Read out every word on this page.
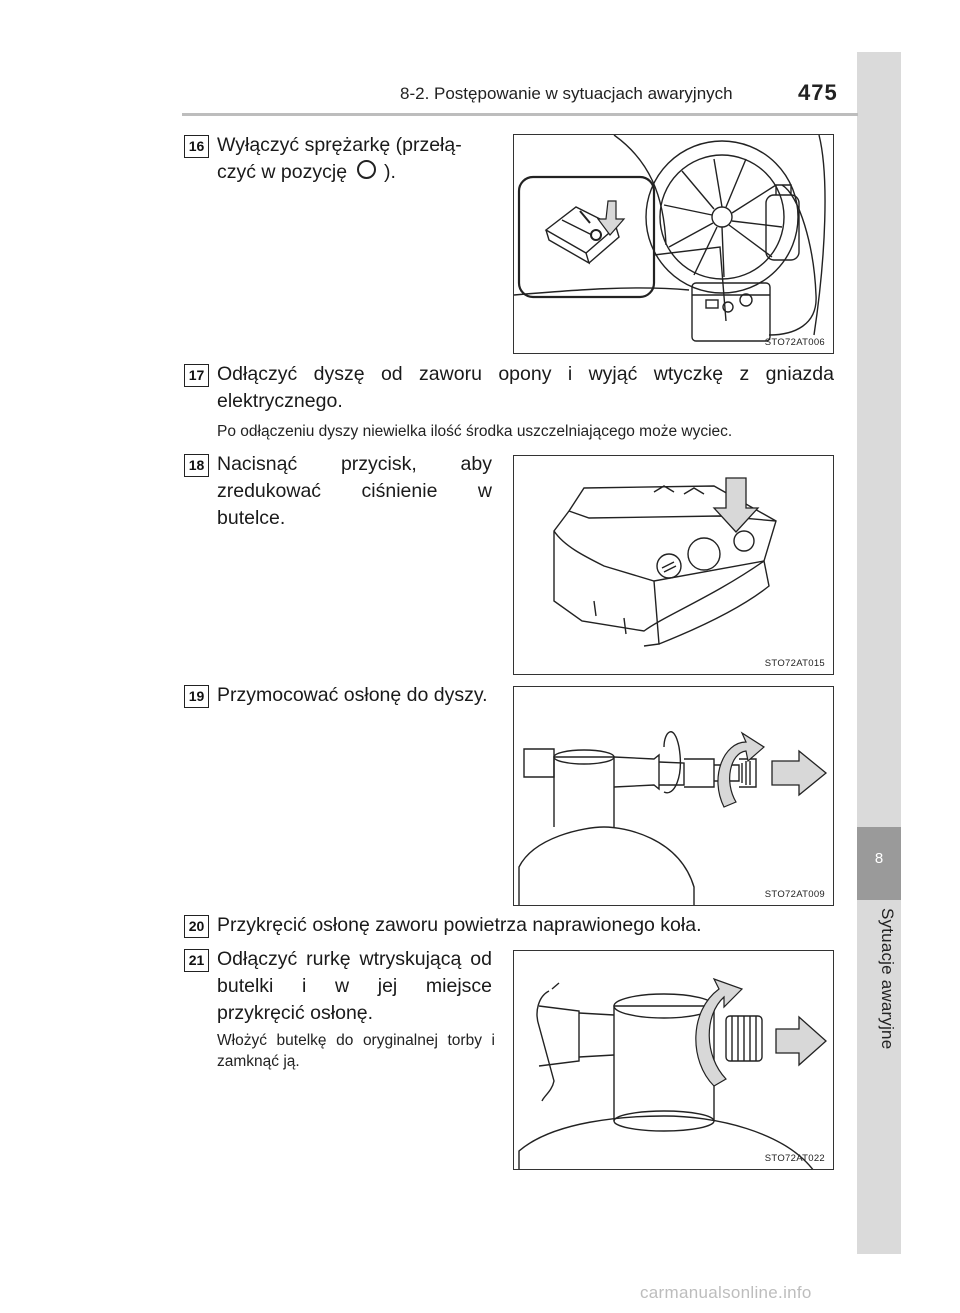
8
Sytuacje awaryjne
8-2. Postępowanie w sytuacjach awaryjnych	475
16 Wyłączyć sprężarkę (przełą-
czyć w pozycję ).
STO72AT006
17 Odłączyć dyszę od zaworu opony i wyjąć wtyczkę z gniazda elektrycznego.
Po odłączeniu dyszy niewielka ilość środka uszczelniającego może wyciec.
18 Nacisnąć przycisk, aby zredukować ciśnienie w butelce.
STO72AT015
19 Przymocować osłonę do dyszy.
STO72AT009
20 Przykręcić osłonę zaworu powietrza naprawionego koła.
21 Odłączyć rurkę wtryskującą od butelki i w jej miejsce przykręcić osłonę.
Włożyć butelkę do oryginalnej torby i zamknąć ją.
STO72AT022
carmanualsonline.info
